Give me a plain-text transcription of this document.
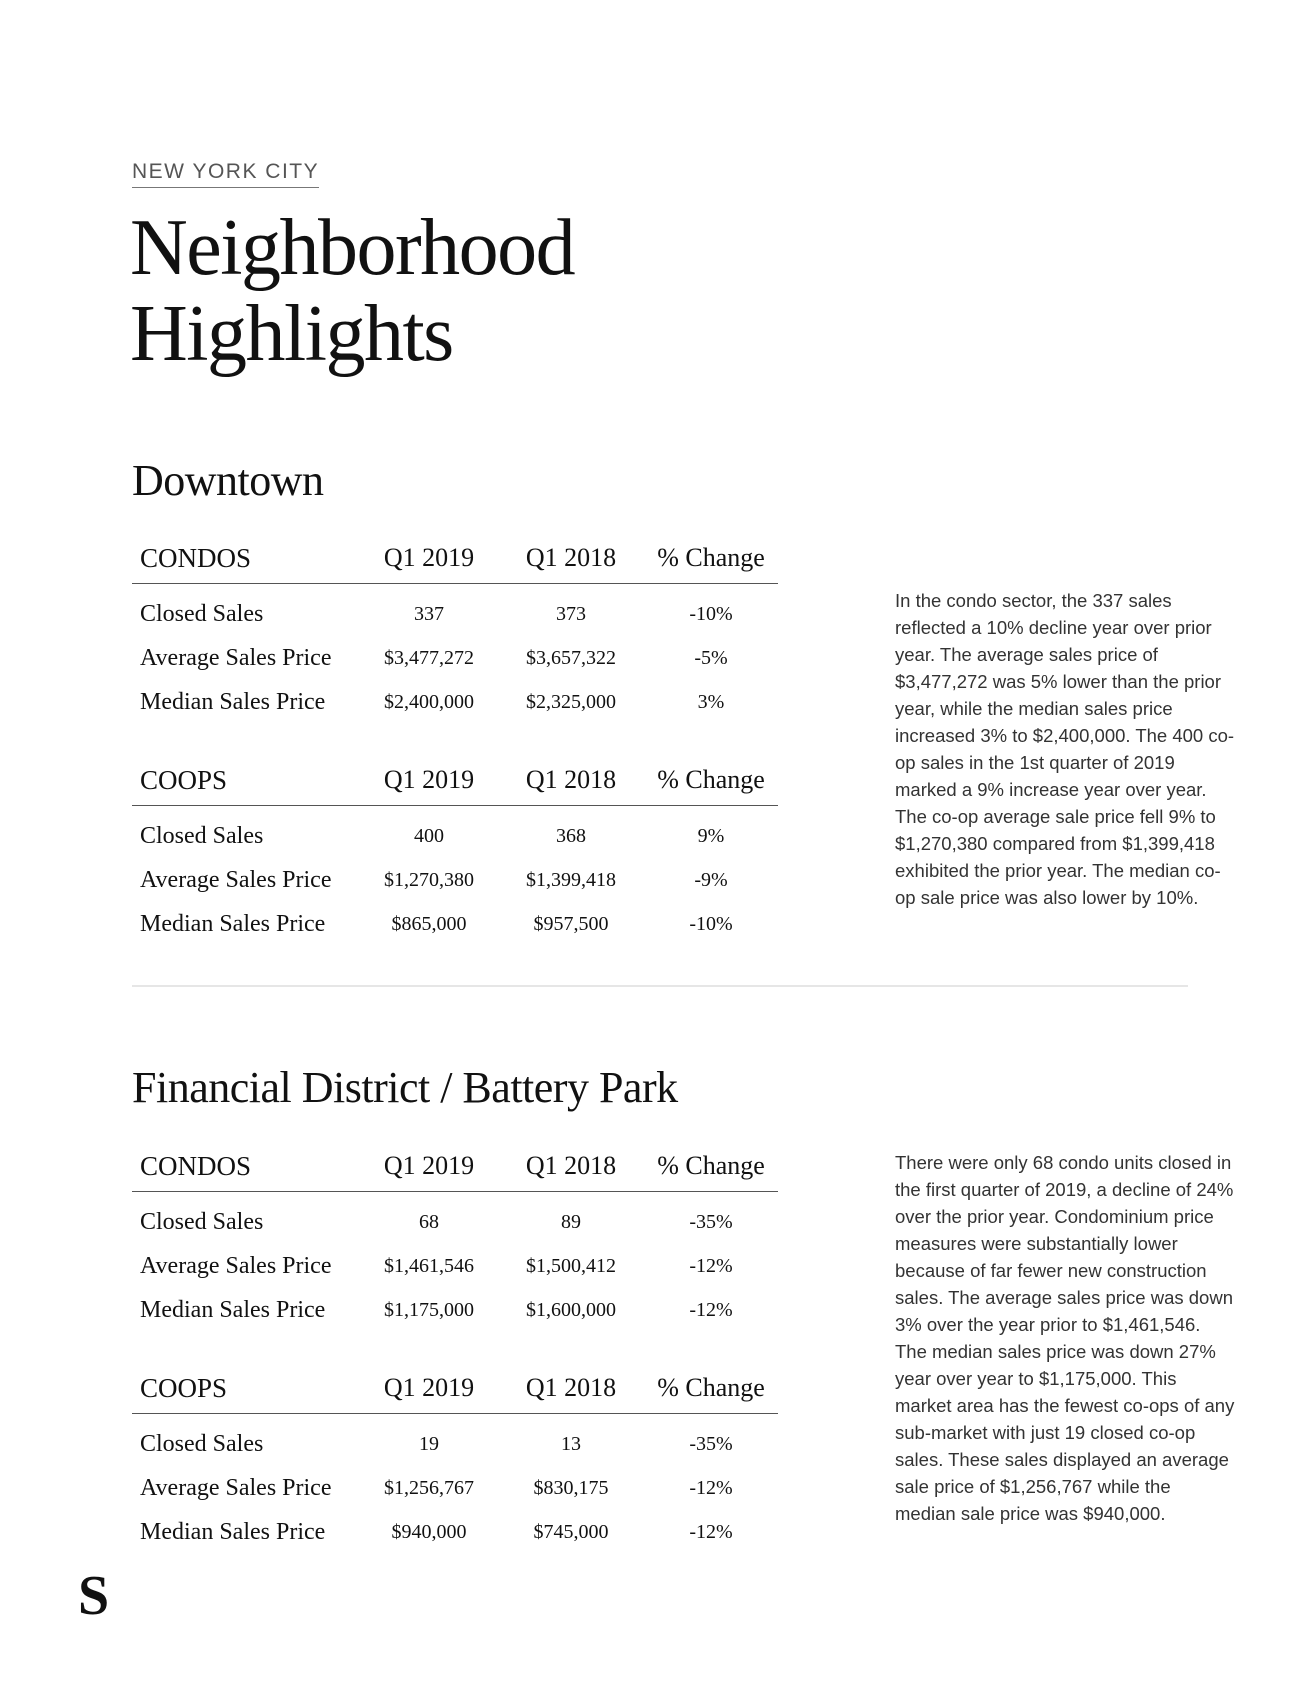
NEW YORK CITY
Neighborhood
Highlights
Downtown
CONDOS	Q1 2019	Q1 2018	% Change
Closed Sales	337	373	-10%
Average Sales Price	$3,477,272	$3,657,322	-5%
Median Sales Price	$2,400,000	$2,325,000	3%
COOPS	Q1 2019	Q1 2018	% Change
Closed Sales	400	368	9%
Average Sales Price	$1,270,380	$1,399,418	-9%
Median Sales Price	$865,000	$957,500	-10%
In the condo sector, the 337 sales reflected a 10% decline year over prior year. The average sales price of $3,477,272 was 5% lower than the prior year, while the median sales price increased 3% to $2,400,000. The 400 co-op sales in the 1st quarter of 2019 marked a 9% increase year over year. The co-op average sale price fell 9% to $1,270,380 compared from $1,399,418 exhibited the prior year. The median co-op sale price was also lower by 10%.
Financial District / Battery Park
CONDOS	Q1 2019	Q1 2018	% Change
Closed Sales	68	89	-35%
Average Sales Price	$1,461,546	$1,500,412	-12%
Median Sales Price	$1,175,000	$1,600,000	-12%
COOPS	Q1 2019	Q1 2018	% Change
Closed Sales	19	13	-35%
Average Sales Price	$1,256,767	$830,175	-12%
Median Sales Price	$940,000	$745,000	-12%
There were only 68 condo units closed in the first quarter of 2019, a decline of 24% over the prior year. Condominium price measures were substantially lower because of far fewer new construction sales. The average sales price was down 3% over the year prior to $1,461,546. The median sales price was down 27% year over year to $1,175,000. This market area has the fewest co-ops of any sub-market with just 19 closed co-op sales. These sales displayed an average sale price of $1,256,767 while the median sale price was $940,000.
S
